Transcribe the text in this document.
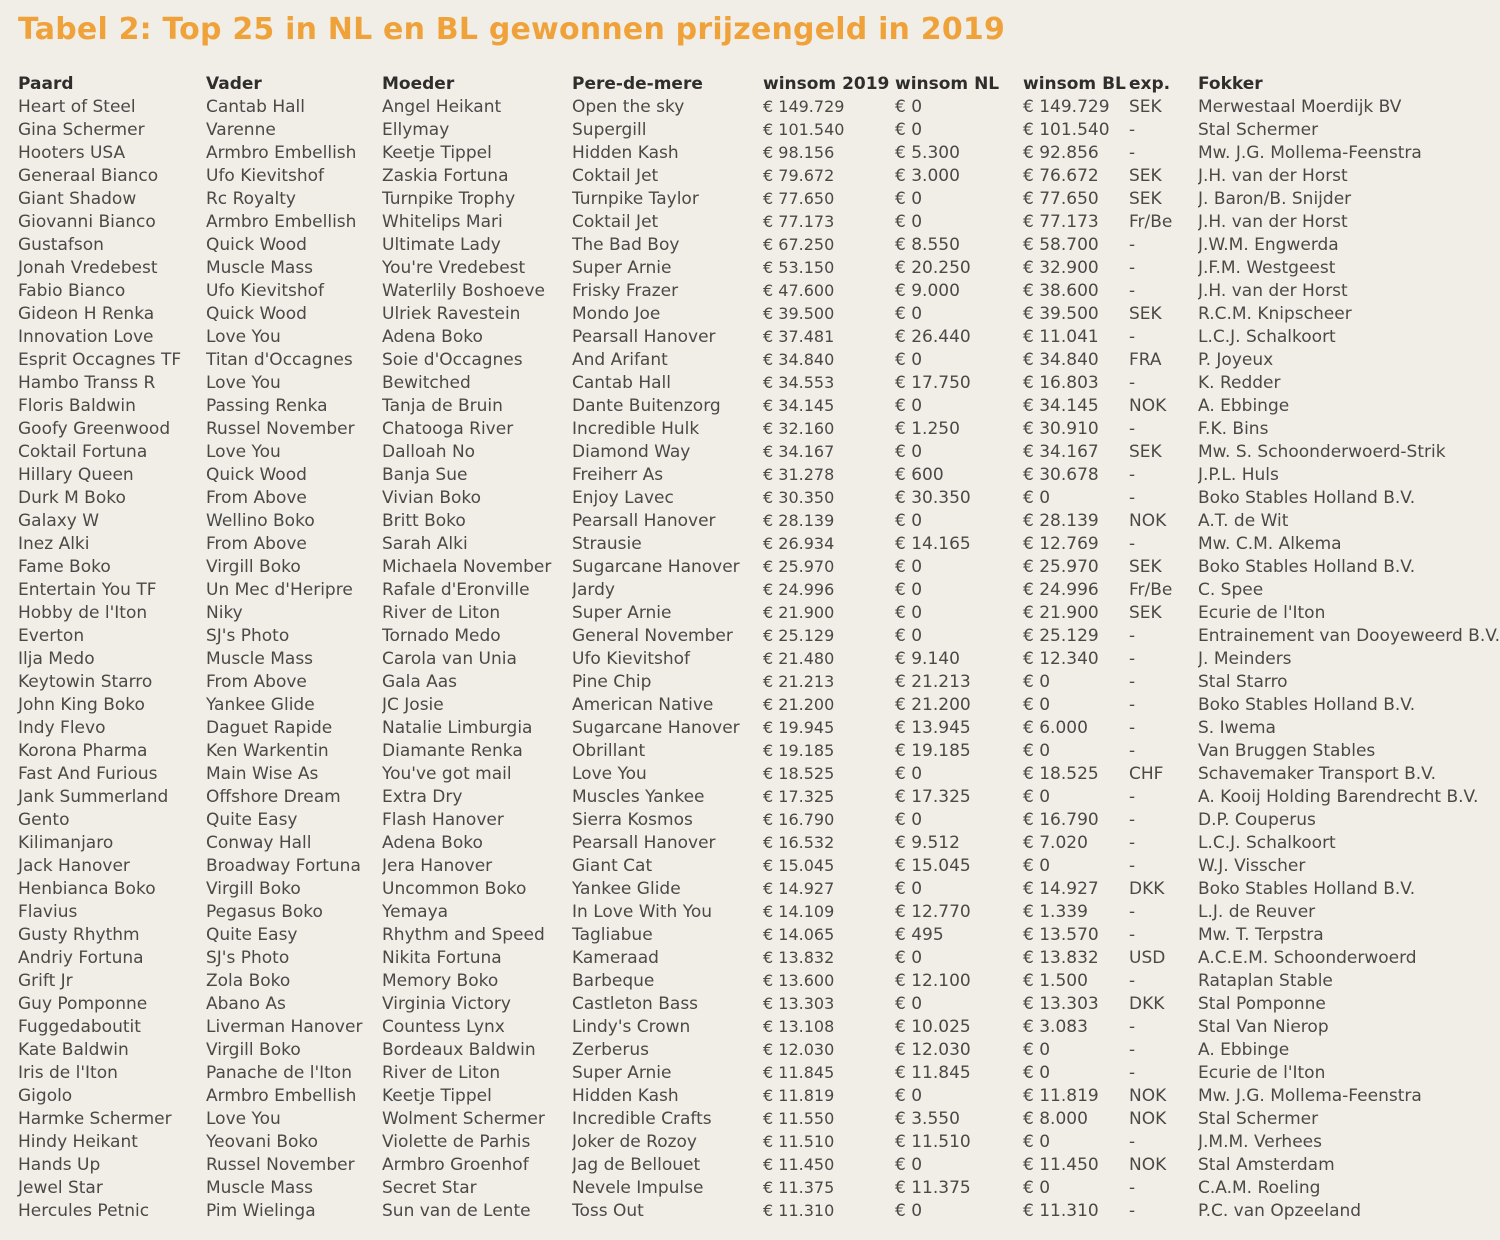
Tabel 2: Top 25 in NL en BL gewonnen prijzengeld in 2019
Paard	Vader	Moeder	Pere-de-mere	winsom 2019	winsom NL	winsom BL	exp.	Fokker
Heart of Steel	Cantab Hall	Angel Heikant	Open the sky	€ 149.729	€ 0	€ 149.729	SEK	Merwestaal Moerdijk BV
Gina Schermer	Varenne	Ellymay	Supergill	€ 101.540	€ 0	€ 101.540	-	Stal Schermer
Hooters USA	Armbro Embellish	Keetje Tippel	Hidden Kash	€ 98.156	€ 5.300	€ 92.856	-	Mw. J.G. Mollema-Feenstra
Generaal Bianco	Ufo Kievitshof	Zaskia Fortuna	Coktail Jet	€ 79.672	€ 3.000	€ 76.672	SEK	J.H. van der Horst
Giant Shadow	Rc Royalty	Turnpike Trophy	Turnpike Taylor	€ 77.650	€ 0	€ 77.650	SEK	J. Baron/B. Snijder
Giovanni Bianco	Armbro Embellish	Whitelips Mari	Coktail Jet	€ 77.173	€ 0	€ 77.173	Fr/Be	J.H. van der Horst
Gustafson	Quick Wood	Ultimate Lady	The Bad Boy	€ 67.250	€ 8.550	€ 58.700	-	J.W.M. Engwerda
Jonah Vredebest	Muscle Mass	You're Vredebest	Super Arnie	€ 53.150	€ 20.250	€ 32.900	-	J.F.M. Westgeest
Fabio Bianco	Ufo Kievitshof	Waterlily Boshoeve	Frisky Frazer	€ 47.600	€ 9.000	€ 38.600	-	J.H. van der Horst
Gideon H Renka	Quick Wood	Ulriek Ravestein	Mondo Joe	€ 39.500	€ 0	€ 39.500	SEK	R.C.M. Knipscheer
Innovation Love	Love You	Adena Boko	Pearsall Hanover	€ 37.481	€ 26.440	€ 11.041	-	L.C.J. Schalkoort
Esprit Occagnes TF	Titan d'Occagnes	Soie d'Occagnes	And Arifant	€ 34.840	€ 0	€ 34.840	FRA	P. Joyeux
Hambo Transs R	Love You	Bewitched	Cantab Hall	€ 34.553	€ 17.750	€ 16.803	-	K. Redder
Floris Baldwin	Passing Renka	Tanja de Bruin	Dante Buitenzorg	€ 34.145	€ 0	€ 34.145	NOK	A. Ebbinge
Goofy Greenwood	Russel November	Chatooga River	Incredible Hulk	€ 32.160	€ 1.250	€ 30.910	-	F.K. Bins
Coktail Fortuna	Love You	Dalloah No	Diamond Way	€ 34.167	€ 0	€ 34.167	SEK	Mw. S. Schoonderwoerd-Strik
Hillary Queen	Quick Wood	Banja Sue	Freiherr As	€ 31.278	€ 600	€ 30.678	-	J.P.L. Huls
Durk M Boko	From Above	Vivian Boko	Enjoy Lavec	€ 30.350	€ 30.350	€ 0	-	Boko Stables Holland B.V.
Galaxy W	Wellino Boko	Britt Boko	Pearsall Hanover	€ 28.139	€ 0	€ 28.139	NOK	A.T. de Wit
Inez Alki	From Above	Sarah Alki	Strausie	€ 26.934	€ 14.165	€ 12.769	-	Mw. C.M. Alkema
Fame Boko	Virgill Boko	Michaela November	Sugarcane Hanover	€ 25.970	€ 0	€ 25.970	SEK	Boko Stables Holland B.V.
Entertain You TF	Un Mec d'Heripre	Rafale d'Eronville	Jardy	€ 24.996	€ 0	€ 24.996	Fr/Be	C. Spee
Hobby de l'Iton	Niky	River de Liton	Super Arnie	€ 21.900	€ 0	€ 21.900	SEK	Ecurie de l'Iton
Everton	SJ's Photo	Tornado Medo	General November	€ 25.129	€ 0	€ 25.129	-	Entrainement van Dooyeweerd B.V.
Ilja Medo	Muscle Mass	Carola van Unia	Ufo Kievitshof	€ 21.480	€ 9.140	€ 12.340	-	J. Meinders
Keytowin Starro	From Above	Gala Aas	Pine Chip	€ 21.213	€ 21.213	€ 0	-	Stal Starro
John King Boko	Yankee Glide	JC Josie	American Native	€ 21.200	€ 21.200	€ 0	-	Boko Stables Holland B.V.
Indy Flevo	Daguet Rapide	Natalie Limburgia	Sugarcane Hanover	€ 19.945	€ 13.945	€ 6.000	-	S. Iwema
Korona Pharma	Ken Warkentin	Diamante Renka	Obrillant	€ 19.185	€ 19.185	€ 0	-	Van Bruggen Stables
Fast And Furious	Main Wise As	You've got mail	Love You	€ 18.525	€ 0	€ 18.525	CHF	Schavemaker Transport B.V.
Jank Summerland	Offshore Dream	Extra Dry	Muscles Yankee	€ 17.325	€ 17.325	€ 0	-	A. Kooij Holding Barendrecht B.V.
Gento	Quite Easy	Flash Hanover	Sierra Kosmos	€ 16.790	€ 0	€ 16.790	-	D.P. Couperus
Kilimanjaro	Conway Hall	Adena Boko	Pearsall Hanover	€ 16.532	€ 9.512	€ 7.020	-	L.C.J. Schalkoort
Jack Hanover	Broadway Fortuna	Jera Hanover	Giant Cat	€ 15.045	€ 15.045	€ 0	-	W.J. Visscher
Henbianca Boko	Virgill Boko	Uncommon Boko	Yankee Glide	€ 14.927	€ 0	€ 14.927	DKK	Boko Stables Holland B.V.
Flavius	Pegasus Boko	Yemaya	In Love With You	€ 14.109	€ 12.770	€ 1.339	-	L.J. de Reuver
Gusty Rhythm	Quite Easy	Rhythm and Speed	Tagliabue	€ 14.065	€ 495	€ 13.570	-	Mw. T. Terpstra
Andriy Fortuna	SJ's Photo	Nikita Fortuna	Kameraad	€ 13.832	€ 0	€ 13.832	USD	A.C.E.M. Schoonderwoerd
Grift Jr	Zola Boko	Memory Boko	Barbeque	€ 13.600	€ 12.100	€ 1.500	-	Rataplan Stable
Guy Pomponne	Abano As	Virginia Victory	Castleton Bass	€ 13.303	€ 0	€ 13.303	DKK	Stal Pomponne
Fuggedaboutit	Liverman Hanover	Countess Lynx	Lindy's Crown	€ 13.108	€ 10.025	€ 3.083	-	Stal Van Nierop
Kate Baldwin	Virgill Boko	Bordeaux Baldwin	Zerberus	€ 12.030	€ 12.030	€ 0	-	A. Ebbinge
Iris de l'Iton	Panache de l'Iton	River de Liton	Super Arnie	€ 11.845	€ 11.845	€ 0	-	Ecurie de l'Iton
Gigolo	Armbro Embellish	Keetje Tippel	Hidden Kash	€ 11.819	€ 0	€ 11.819	NOK	Mw. J.G. Mollema-Feenstra
Harmke Schermer	Love You	Wolment Schermer	Incredible Crafts	€ 11.550	€ 3.550	€ 8.000	NOK	Stal Schermer
Hindy Heikant	Yeovani Boko	Violette de Parhis	Joker de Rozoy	€ 11.510	€ 11.510	€ 0	-	J.M.M. Verhees
Hands Up	Russel November	Armbro Groenhof	Jag de Bellouet	€ 11.450	€ 0	€ 11.450	NOK	Stal Amsterdam
Jewel Star	Muscle Mass	Secret Star	Nevele Impulse	€ 11.375	€ 11.375	€ 0	-	C.A.M. Roeling
Hercules Petnic	Pim Wielinga	Sun van de Lente	Toss Out	€ 11.310	€ 0	€ 11.310	-	P.C. van Opzeeland
